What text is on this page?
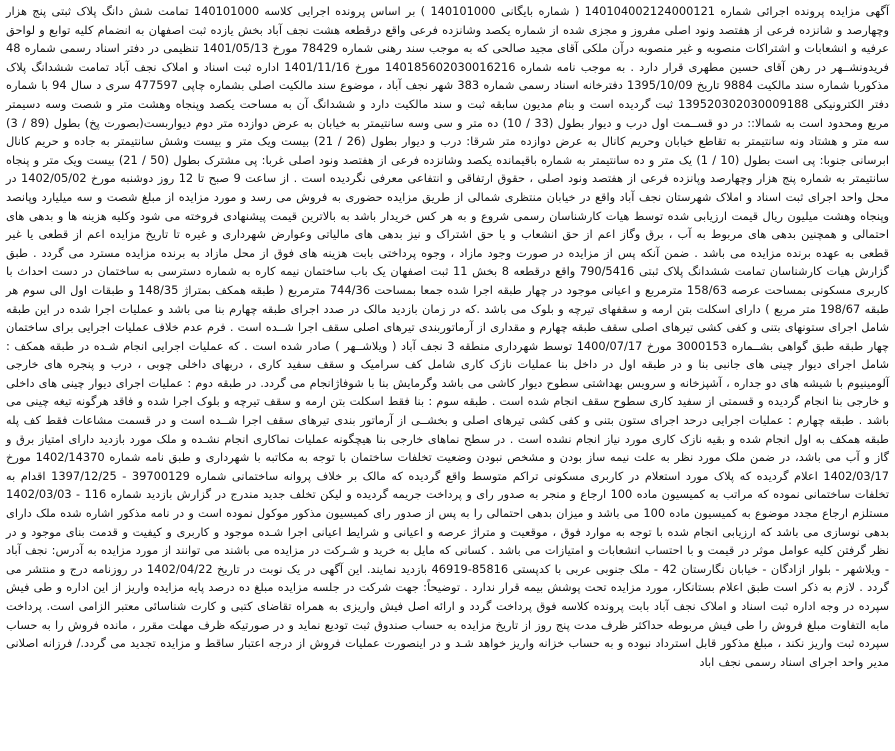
آگهی مزایده پرونده اجرائی شماره 140104002124000121 ( شماره بایگانی 140101000 ) بر اساس پرونده اجرایی کلاسه 140101000 تمامت شش دانگ پلاک ثبتی پنج هزار وچهارصد و شانزده فرعی از هفتصد ونود اصلی مفروز و مجزی شده از شماره یکصد وشانزده فرعی واقع درقطعه هشت نجف آباد بخش یازده ثبت اصفهان به انضمام کلیه توابع و لواحق عرفیه و انشعابات و اشتراکات منصوبه و غیر منصوبه درآن ملکی آقای مجید صالحی که به موجب سند رهنی شماره 78429 مورخ 1401/05/13 تنظیمی در دفتر اسناد رسمی شماره 48 فریدونشــهر در رهن آقای حسین مطهری قرار دارد . به موجب نامه شماره 140185602030016216 مورخ 1401/11/16 اداره ثبت اسناد و املاک نجف آباد تمامت ششدانگ پلاک مذکوربا شماره سند مالکیت 9884 تاریخ 1395/10/09 دفترخانه اسناد رسمی شماره 383 شهر نجف آباد ، موضوع سند مالکیت اصلی بشماره چاپی 477597 سری د سال 94 با شماره دفتر الکترونیکی 139520302030009188 ثبت گردیده است و بنام مدیون سابقه ثبت و سند مالکیت دارد و ششدانگ آن به مساحت یکصد وپنجاه وهشت متر و شصت وسه دسیمتر مربع ومحدود است به شمالا:: در دو قســمت اول درب و دیوار بطول (33 / 10) ده متر و سی وسه سانتیمتر به خیابان به عرض دوازده متر دوم دیواربست(بصورت پخ) بطول (89 / 3) سه متر و هشتاد ونه سانتیمتر به تقاطع خیابان وحریم کانال به عرض دوازده متر شرقا: درب و دیوار بطول (26 / 21) بیست ویک متر و بیست وشش سانتیمتر به جاده و حریم کانال ابرسانی جنوبا: پی است بطول (10 / 1) یک متر و ده سانتیمتر به شماره باقیمانده یکصد وشانزده فرعی از هفتصد ونود اصلی غربا: پی مشترک بطول (50 / 21) بیست ویک متر و پنجاه سانتیمتر به شماره پنج هزار وچهارصد وپانزده فرعی از هفتصد ونود اصلی ، حقوق ارتفاقی و انتفاعی معرفی نگردیده است . از ساعت 9 صبح تا 12 روز دوشنبه مورخ 1402/05/02 در محل واحد اجرای ثبت اسناد و املاک شهرستان نجف آباد واقع در خیابان منتظری شمالی از طریق مزایده حضوری به فروش می رسد و مورد مزایده از مبلغ شصت و سه میلیارد وپانصد وپنجاه وهشت میلیون ریال قیمت ارزیابی شده توسط هیات کارشناسان رسمی شروع و به هر کس خریدار باشد به بالاترین قیمت پیشنهادی فروخته می شود وکلیه هزینه ها و بدهی های احتمالی و همچنین بدهی های مربوط به آب ، برق وگاز اعم از حق انشعاب و یا حق اشتراک و نیز بدهی های مالیاتی وعوارض شهرداری و غیره تا تاریخ مزایده اعم از قطعی یا غیر قطعی به عهده برنده مزایده می باشد . ضمن آنکه پس از مزایده در صورت وجود مازاد ، وجوه پرداختی بابت هزینه های فوق از محل مازاد به برنده مزایده مسترد می گردد . طبق گزارش هیات کارشناسان تمامت ششدانگ پلاک ثبتی 790/5416 واقع درقطعه 8 بخش 11 ثبت اصفهان یک باب ساختمان نیمه کاره به شماره دسترسی به ساختمان در دست احداث با کاربری مسکونی بمساحت عرصه 158/63 مترمربع و اعیانی موجود در چهار طبقه اجرا شده جمعا بمساحت 744/36 مترمربع ( طبقه همکف بمتراژ 148/35 و طبقات اول الی سوم هر طبقه 198/67 متر مربع ) دارای اسکلت بتن ارمه و سقفهای تیرچه و بلوک می باشد .که در زمان بازدید مالک در صدد اجرای طبقه چهارم بنا می باشد و عملیات اجرا شده در این طبقه شامل اجرای ستونهای بتنی و کفی کشی تیرهای اصلی سقف طبقه چهارم و مقداری از آرماتوربندی تیرهای اصلی سقف اجرا شــده است . فرم عدم خلاف عملیات اجرایی برای ساختمان چهار طبقه طبق گواهی بشــماره 3000153 مورخ 1400/07/17 توسط شهرداری منطقه 3 نجف آباد ( ویلاشــهر ) صادر شده است . که عملیات اجرایی انجام شـده در طبقه همکف : شامل اجرای دیوار چینی های جانبی بنا و در طبقه اول در داخل بنا عملیات نازک کاری شامل کف سرامیک و سقف سفید کاری ، دربهای داخلی چوبی ، درب و پنجره های خارجی آلومینیوم با شیشه های دو جداره ، آشپزخانه و سرویس بهداشتی سطوح دیوار کاشی می باشد وگرمایش بنا با شوفاژانجام می گردد. در طبقه دوم : عملیات اجرای دیوار چینی های داخلی و خارجی بنا انجام گردیده و قسمتی از سفید کاری سطوح سقف انجام شده است . طبقه سوم : بنا فقط اسکلت بتن ارمه و سقف تیرچه و بلوک اجرا شده و فاقد هرگونه تیغه چینی می باشد . طبقه چهارم : عملیات اجرایی درحد اجرای ستون بتنی و کفی کشی تیرهای اصلی و بخشــی از آرماتور بندی تیرهای سقف اجرا شــده است و در قسمت مشاعات فقط کف پله طبقه همکف به اول انجام شده و بقیه نازک کاری مورد نیاز انجام نشده است . در سطح نماهای خارجی بنا هیچگونه عملیات نماکاری انجام نشـده و ملک مورد بازدید دارای امتیاز برق و گاز و آب می باشد، در ضمن ملک مورد نظر به علت نیمه ساز بودن و مشخص نبودن وضعیت تخلفات ساختمان با توجه به مکاتبه با شهرداری و طبق نامه شماره 1402/14370 مورخ 1402/03/17 اعلام گردیده که پلاک مورد استعلام در کاربری مسکونی تراکم متوسط واقع گردیده که مالک بر خلاف پروانه ساختمانی شماره 39700129 - 1397/12/25 اقدام به تخلفات ساختمانی نموده که مراتب به کمیسیون ماده 100 ارجاع و منجر به صدور رای و پرداخت جریمه گردیده و لیکن تخلف جدید مندرج در گزارش بازدید شماره 116 - 1402/03/03 مستلزم ارجاع مجدد موضوع به کمیسیون ماده 100 می باشد و میزان بدهی احتمالی را به پس از صدور رای کمیسیون مذکور موکول نموده است و در نامه مذکور اشاره شده ملک دارای بدهی نوسازی می باشد که ارزیابی انجام شده با توجه به موارد فوق ، موقعیت و متراژ عرصه و اعیانی و شرایط اعیانی اجرا شـده موجود و کاربری و کیفیت و قدمت بنای موجود و در نظر گرفتن کلیه عوامل موثر در قیمت و با احتساب انشعابات و امتیازات می باشد . کسانی که مایل به خرید و شـرکت در مزایده می باشند می توانند از مورد مزایده به آدرس: نجف آباد - ویلاشهر - بلوار ازادگان - خیابان نگارستان 42 - ملک جنوبی عربی با کدپستی 85816-46919 بازدید نمایند. این آگهی در یک نوبت در تاریخ 1402/04/22 در روزنامه درج و منتشر می گردد . لازم به ذکر است طبق اعلام بستانکار، مورد مزایده تحت پوشش بیمه قرار ندارد . توضیحاً: جهت شرکت در جلسه مزایده مبلغ ده درصد پایه مزایده واریز از این اداره و طی فیش سپرده در وجه اداره ثبت اسناد و املاک نجف آباد بابت پرونده کلاسه فوق پرداخت گردد و ارائه اصل فیش واریزی به همراه تقاضای کتبی و کارت شناسائی معتبر الزامی است. پرداخت مابه التفاوت مبلغ فروش را طی فیش مربوطه حداکثر ظرف مدت پنج روز از تاریخ مزایده به حساب صندوق ثبت توديع نماید و در صورتیکه ظرف مهلت مقرر ، مانده فروش را به حساب سپرده ثبت واریز نکند ، مبلغ مذکور قابل استرداد نبوده و به حساب خزانه واریز خواهد شـد و در اینصورت عملیات فروش از درجه اعتبار ساقط و مزایده تجدید می گردد./ فرزانه اصلانی مدیر واحد اجرای اسناد رسمی نجف اباد
